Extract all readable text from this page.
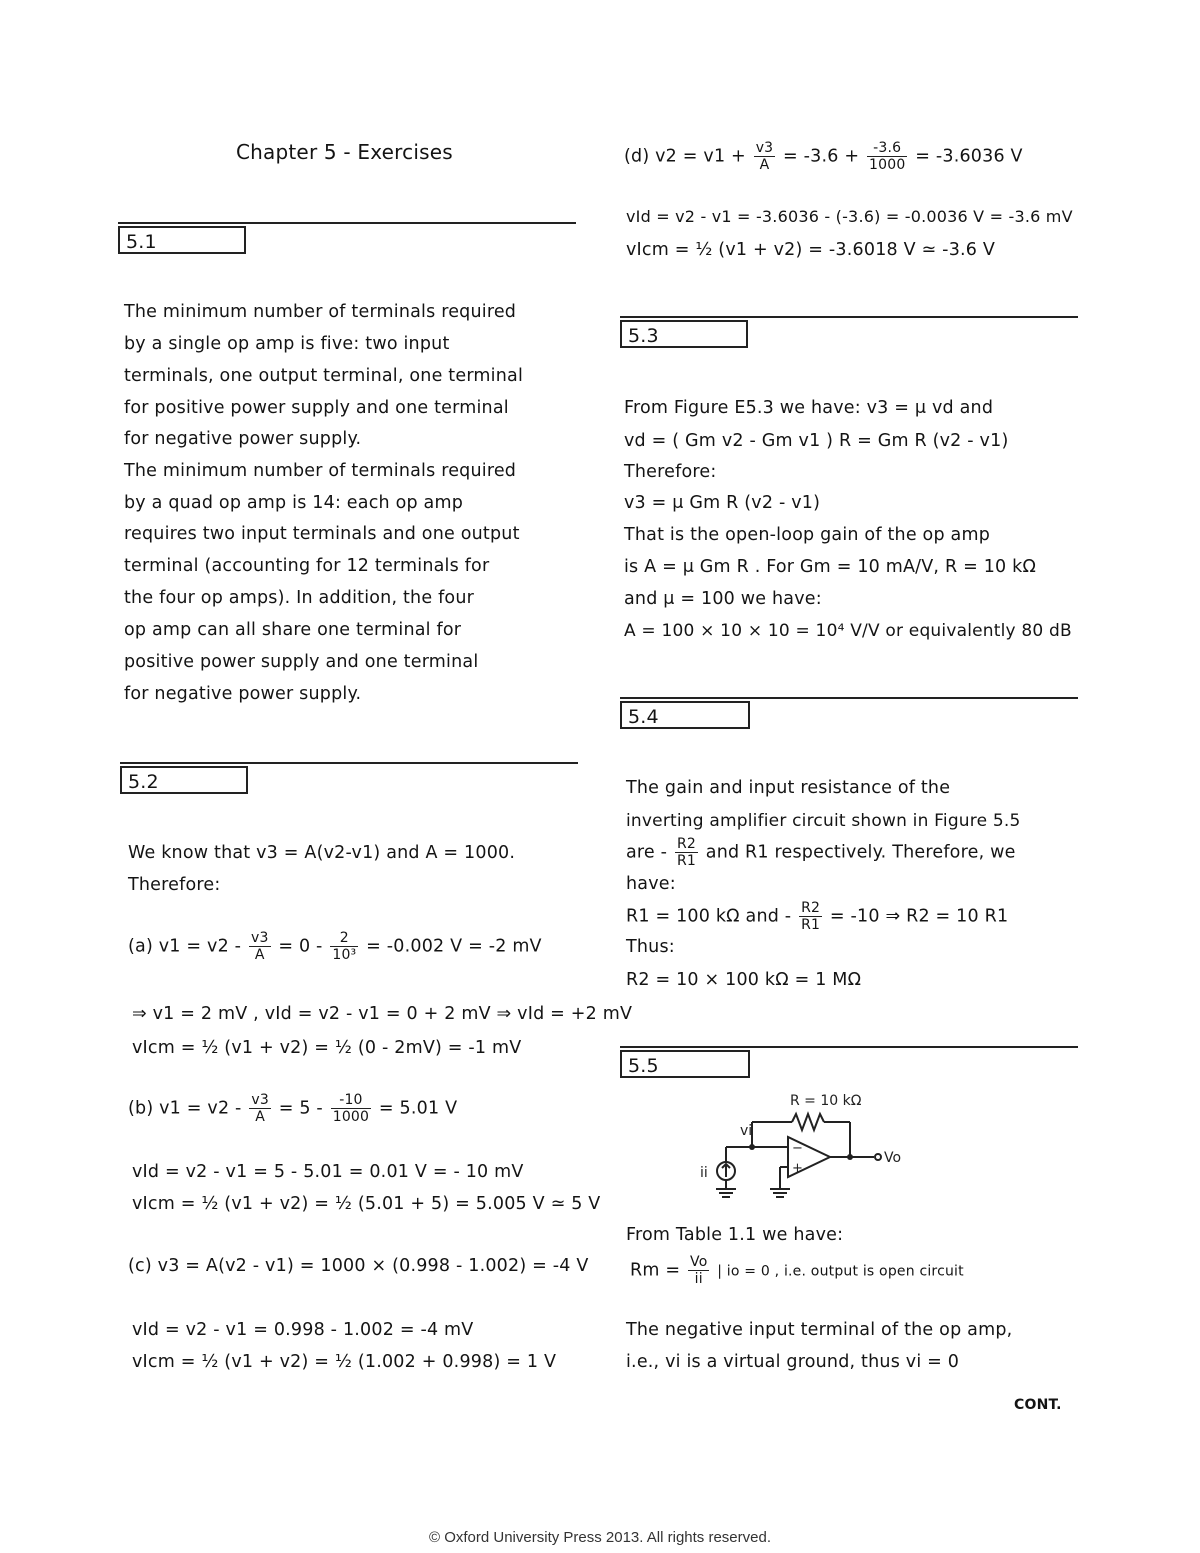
Chapter 5 - Exercises
5.1
The minimum number of terminals required
by a single op amp is five: two input
terminals, one output terminal, one terminal
for positive power supply and one terminal
for negative power supply.
The minimum number of terminals required
by a quad op amp is 14: each op amp
requires two input terminals and one output
terminal (accounting for 12 terminals for
the four op amps). In addition, the four
op amp can all share one terminal for
positive power supply and one terminal
for negative power supply.
5.2
We know that v3 = A(v2-v1) and A = 1000.
Therefore:
(a) $v1 = v2 - \frac{v3}{A} = 0 - \frac{2}{\text{10³}} = -0.002$ V = -2 mV
⇒ v1 = 2 mV , vId = v2 - v1 = 0 + 2 mV ⇒ vId = +2 mV
vIcm = ½ (v1 + v2) = ½ (0 - 2mV) = -1 mV
(b) $v1 = v2 - \frac{v3}{A} = 5 - \frac{-10}{1000} = 5.01$ V
vId = v2 - v1 = 5 - 5.01 = 0.01 V = - 10 mV
vIcm = ½ (v1 + v2) = ½ (5.01 + 5) = 5.005 V ≃ 5 V
(c) v3 = A(v2 - v1) = 1000 × (0.998 - 1.002) = -4 V
vId = v2 - v1 = 0.998 - 1.002 = -4 mV
vIcm = ½ (v1 + v2) = ½ (1.002 + 0.998) = 1 V
(d) $v2 = v1 + \frac{v3}{A} = -3.6 + \frac{-3.6}{1000} = -3.6036$ V
vId = v2 - v1 = -3.6036 - (-3.6) = -0.0036 V = -3.6 mV
vIcm = ½ (v1 + v2) = -3.6018 V ≃ -3.6 V
5.3
From Figure E5.3 we have: v3 = μ vd and
vd = ( Gm v2 - Gm v1 ) R = Gm R (v2 - v1)
Therefore:
v3 = μ Gm R (v2 - v1)
That is the open-loop gain of the op amp
is A = μ Gm R . For Gm = 10 mA/V, R = 10 kΩ
and μ = 100 we have:
A = 100 × 10 × 10 = 10⁴ V/V or equivalently 80 dB
5.4
The gain and input resistance of the
inverting amplifier circuit shown in Figure 5.5
are - $\frac{R2}{R1}$ and R1 respectively. Therefore, we
have:
R1 = 100 kΩ and - $\frac{R2}{R1} = -10$ ⇒ R2 = 10 R1
Thus:
R2 = 10 × 100 kΩ = 1 MΩ
5.5
R = 10 kΩ
vi
ii
Vo
−
+
From Table 1.1 we have:
$Rm = \frac{Vo}{ii}$ | io = 0 , i.e. output is open circuit
The negative input terminal of the op amp,
i.e., vi is a virtual ground, thus vi = 0
CONT.
© Oxford University Press 2013. All rights reserved.
